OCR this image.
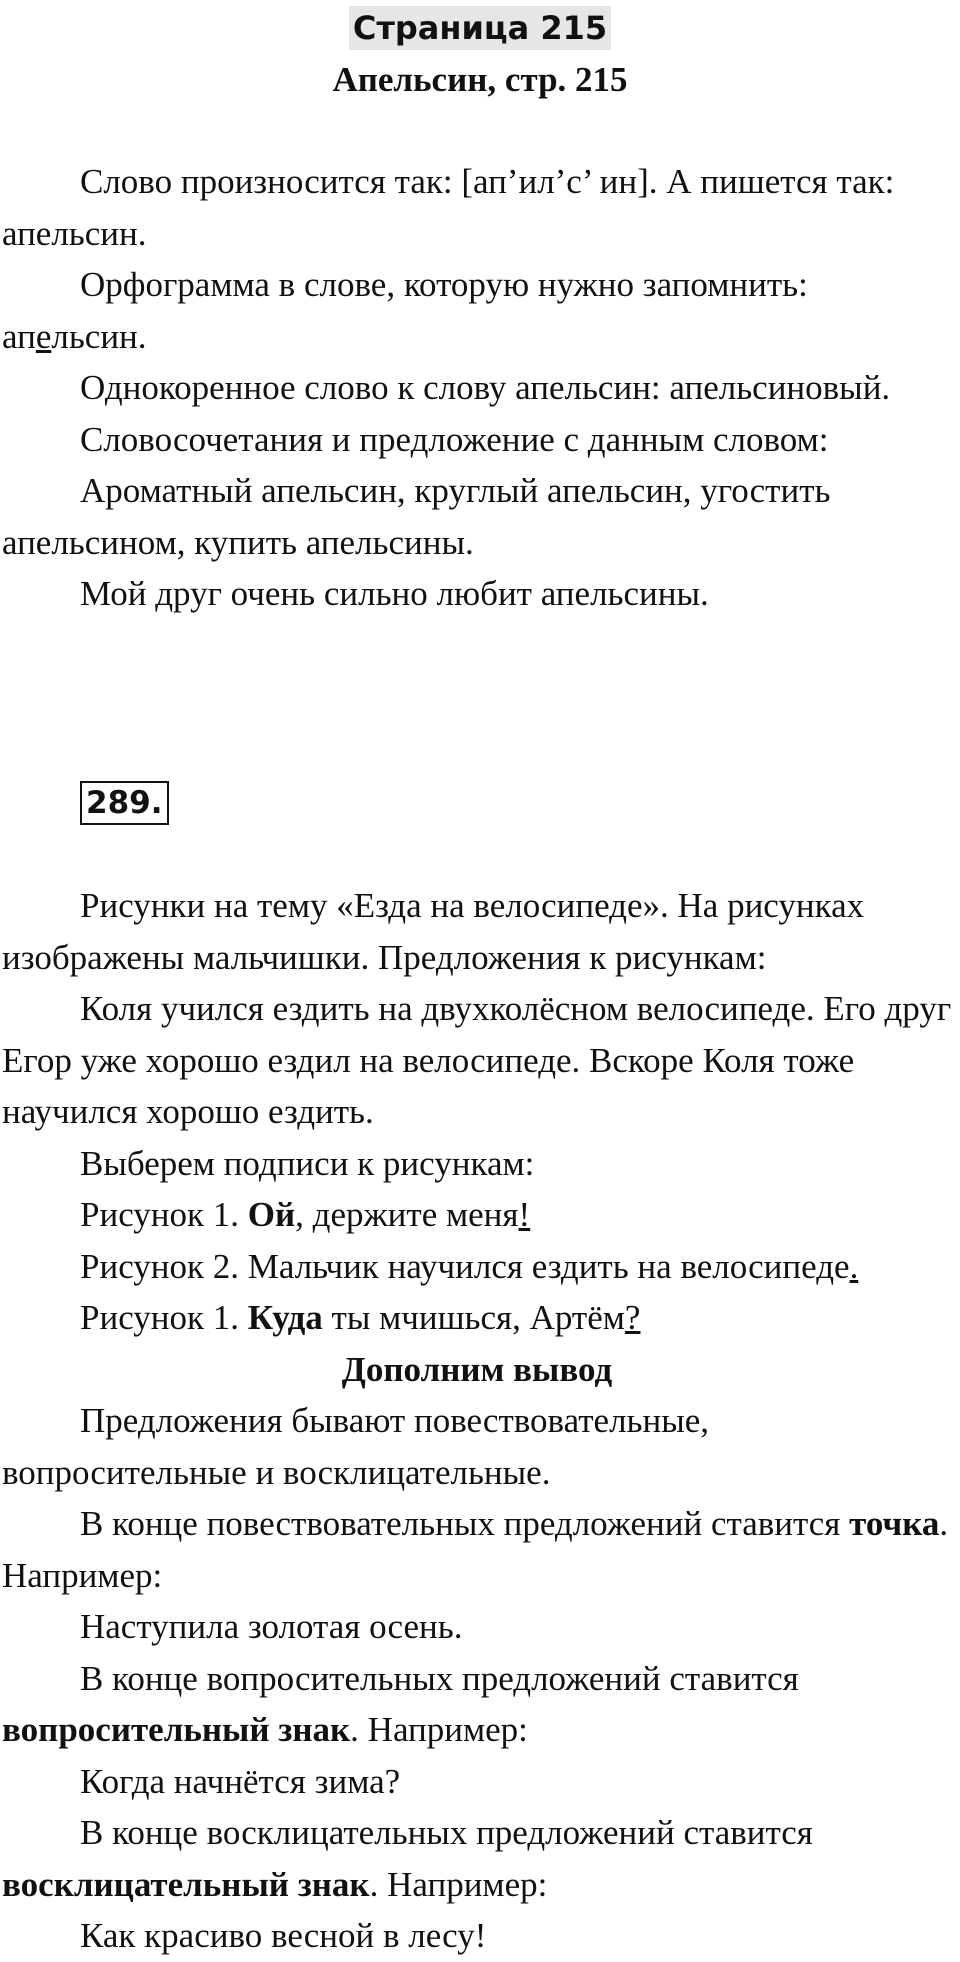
Страница 215
Апельсин, стр. 215

Слово произносится так: [ап’ил’с’ ин]. А пишется так: апельсин.

Орфограмма в слове, которую нужно запомнить:

апельсин.

Однокоренное слово к слову апельсин: апельсиновый.

Словосочетания и предложение с данным словом:

Ароматный апельсин, круглый апельсин, угостить апельсином, купить апельсины.

Мой друг очень сильно любит апельсины.

289.

Рисунки на тему «Езда на велосипеде». На рисунках изображены мальчишки. Предложения к рисункам:

Коля учился ездить на двухколёсном велосипеде. Его друг Егор уже хорошо ездил на велосипеде. Вскоре Коля тоже научился хорошо ездить.

Выберем подписи к рисункам:

Рисунок 1. Ой, держите меня!

Рисунок 2. Мальчик научился ездить на велосипеде.

Рисунок 1. Куда ты мчишься, Артём?

Дополним вывод

Предложения бывают повествовательные, вопросительные и восклицательные.

В конце повествовательных предложений ставится точка. Например:

Наступила золотая осень.

В конце вопросительных предложений ставится вопросительный знак. Например:

Когда начнётся зима?

В конце восклицательных предложений ставится восклицательный знак. Например:

Как красиво весной в лесу!
